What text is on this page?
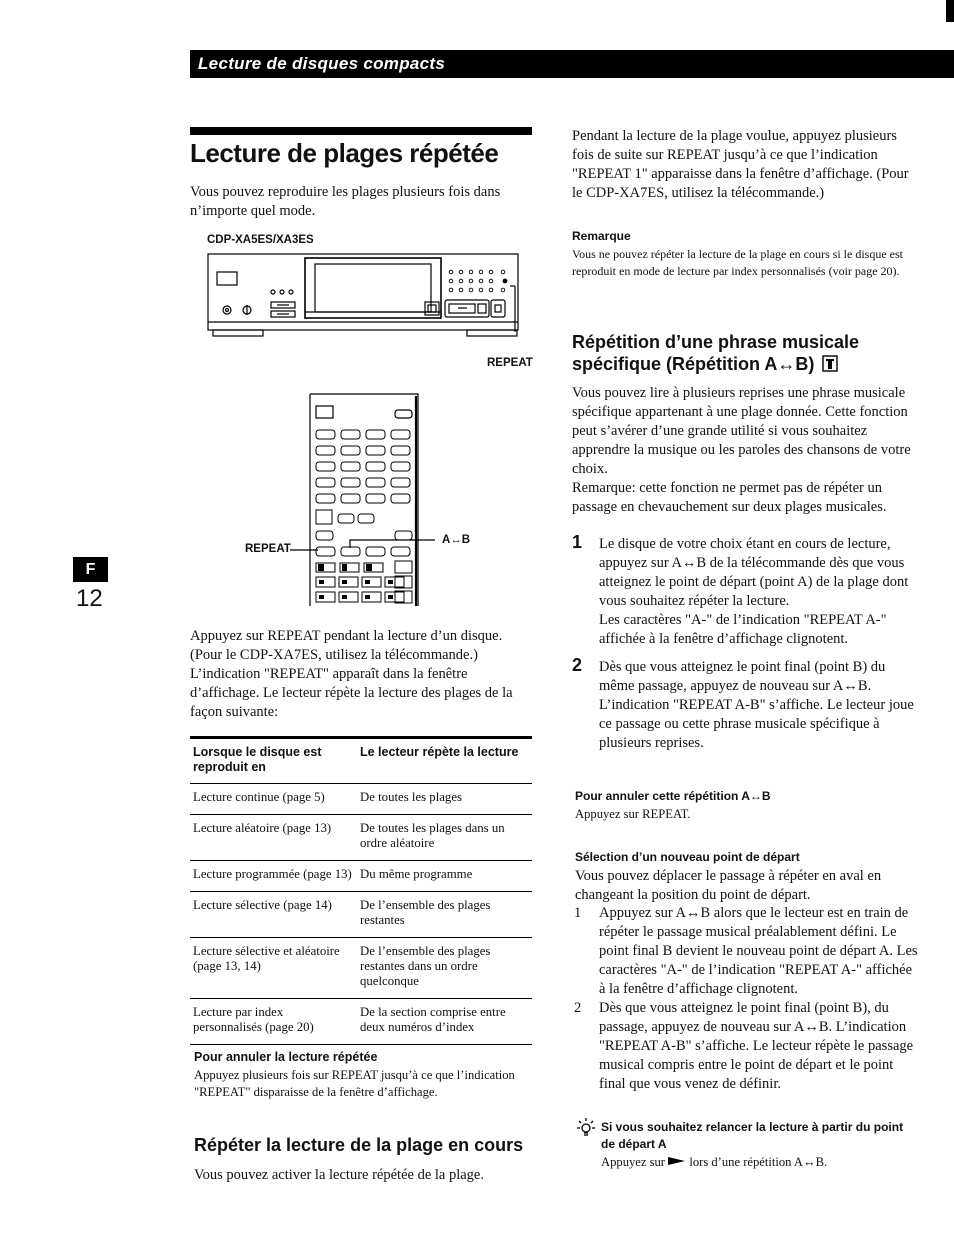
Lecture de disques compacts
F
12
Lecture de plages répétée
Vous pouvez reproduire les plages plusieurs fois dans n’importe quel mode.
CDP-XA5ES/XA3ES
REPEAT
REPEAT
A↔B
Appuyez sur REPEAT pendant la lecture d’un disque. (Pour le CDP-XA7ES, utilisez la télécommande.) L’indication "REPEAT" apparaît dans la fenêtre d’affichage. Le lecteur répète la lecture des plages de la façon suivante:
Lorsque le disque est reproduit en	Le lecteur répète la lecture
Lecture continue (page 5)	De toutes les plages
Lecture aléatoire (page 13)	De toutes les plages dans un ordre aléatoire
Lecture programmée (page 13)	Du même programme
Lecture sélective (page 14)	De l’ensemble des plages restantes
Lecture sélective et aléatoire (page 13, 14)	De l’ensemble des plages restantes dans un ordre quelconque
Lecture par index personnalisés (page 20)	De la section comprise entre deux numéros d’index
Pour annuler la lecture répétée
Appuyez plusieurs fois sur REPEAT jusqu’à ce que l’indication "REPEAT" disparaisse de la fenêtre d’affichage.
Répéter la lecture de la plage en cours
Vous pouvez activer la lecture répétée de la plage.
Pendant la lecture de la plage voulue, appuyez plusieurs fois de suite sur REPEAT jusqu’à ce que l’indication "REPEAT 1" apparaisse dans la fenêtre d’affichage. (Pour le CDP-XA7ES, utilisez la télécommande.)
Remarque
Vous ne pouvez répéter la lecture de la plage en cours si le disque est reproduit en mode de lecture par index personnalisés (voir page 20).
Répétition d’une phrase musicale spécifique (Répétition A↔B)
Vous pouvez lire à plusieurs reprises une phrase musicale spécifique appartenant à une plage donnée. Cette fonction peut s’avérer d’une grande utilité si vous souhaitez apprendre la musique ou les paroles des chansons de votre choix.
Remarque: cette fonction ne permet pas de répéter un passage en chevauchement sur deux plages musicales.
1 Le disque de votre choix étant en cours de lecture, appuyez sur A↔B de la télécommande dès que vous atteignez le point de départ (point A) de la plage dont vous souhaitez répéter la lecture.
Les caractères "A-" de l’indication "REPEAT A-" affichée à la fenêtre d’affichage clignotent.
2 Dès que vous atteignez le point final (point B) du même passage, appuyez de nouveau sur A↔B. L’indication "REPEAT A-B" s’affiche. Le lecteur joue ce passage ou cette phrase musicale spécifique à plusieurs reprises.
Pour annuler cette répétition A↔B
Appuyez sur REPEAT.
Sélection d’un nouveau point de départ
Vous pouvez déplacer le passage à répéter en aval en changeant la position du point de départ.
1 Appuyez sur A↔B alors que le lecteur est en train de répéter le passage musical préalablement défini. Le point final B devient le nouveau point de départ A. Les caractères "A-" de l’indication "REPEAT A-" affichée à la fenêtre d’affichage clignotent.
2 Dès que vous atteignez le point final (point B), du passage, appuyez de nouveau sur A↔B. L’indication "REPEAT A-B" s’affiche. Le lecteur répète le passage musical compris entre le point de départ et le point final que vous venez de définir.
Si vous souhaitez relancer la lecture à partir du point de départ A
Appuyez sur lors d’une répétition A↔B.
